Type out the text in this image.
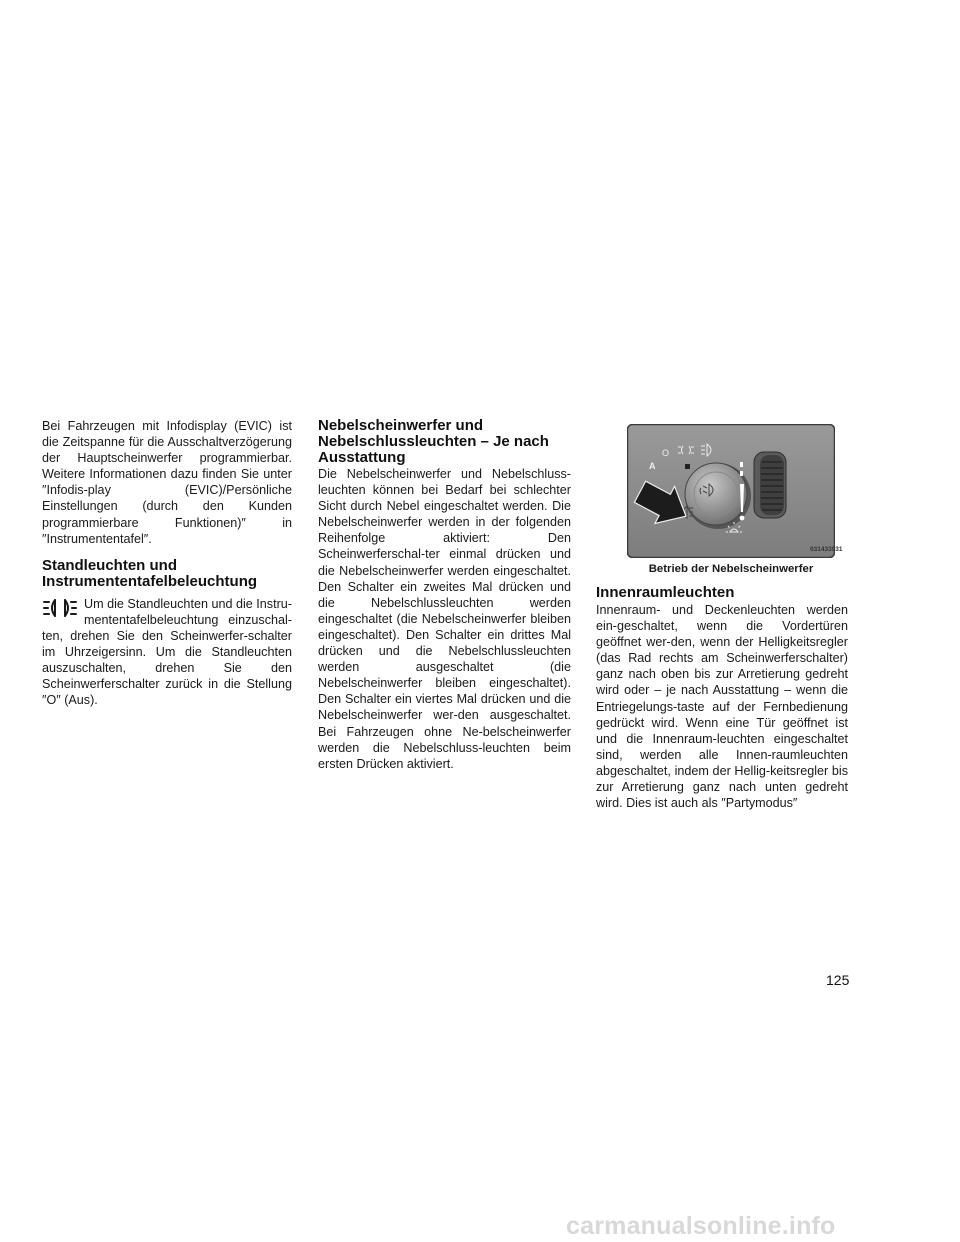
Bei Fahrzeugen mit Infodisplay (EVIC) ist die Zeitspanne für die Ausschaltverzögerung der Hauptscheinwerfer programmierbar. Weitere Informationen dazu finden Sie unter ″Infodis-play (EVIC)/Persönliche Einstellungen (durch den Kunden programmierbare Funktionen)″ in ″Instrumententafel″.

Standleuchten und Instrumententafelbeleuchtung

Um die Standleuchten und die Instru-mententafelbeleuchtung einzuschal-ten, drehen Sie den Scheinwerfer-schalter im Uhrzeigersinn. Um die Standleuchten auszuschalten, drehen Sie den Scheinwerferschalter zurück in die Stellung ″O″ (Aus).

Nebelscheinwerfer und Nebelschlussleuchten – Je nach Ausstattung

Die Nebelscheinwerfer und Nebelschluss-leuchten können bei Bedarf bei schlechter Sicht durch Nebel eingeschaltet werden. Die Nebelscheinwerfer werden in der folgenden Reihenfolge aktiviert: Den Scheinwerferschal-ter einmal drücken und die Nebelscheinwerfer werden eingeschaltet. Den Schalter ein zweites Mal drücken und die Nebelschlussleuchten werden eingeschaltet (die Nebelscheinwerfer bleiben eingeschaltet). Den Schalter ein drittes Mal drücken und die Nebelschlussleuchten werden ausgeschaltet (die Nebelscheinwerfer bleiben eingeschaltet). Den Schalter ein viertes Mal drücken und die Nebelscheinwerfer wer-den ausgeschaltet. Bei Fahrzeugen ohne Ne-belscheinwerfer werden die Nebelschluss-leuchten beim ersten Drücken aktiviert.

A
O
031433931
Betrieb der Nebelscheinwerfer
Innenraumleuchten

Innenraum- und Deckenleuchten werden ein-geschaltet, wenn die Vordertüren geöffnet wer-den, wenn der Helligkeitsregler (das Rad rechts am Scheinwerferschalter) ganz nach oben bis zur Arretierung gedreht wird oder – je nach Ausstattung – wenn die Entriegelungs-taste auf der Fernbedienung gedrückt wird. Wenn eine Tür geöffnet ist und die Innenraum-leuchten eingeschaltet sind, werden alle Innen-raumleuchten abgeschaltet, indem der Hellig-keitsregler bis zur Arretierung ganz nach unten gedreht wird. Dies ist auch als ″Partymodus″

125
carmanualsonline.info
